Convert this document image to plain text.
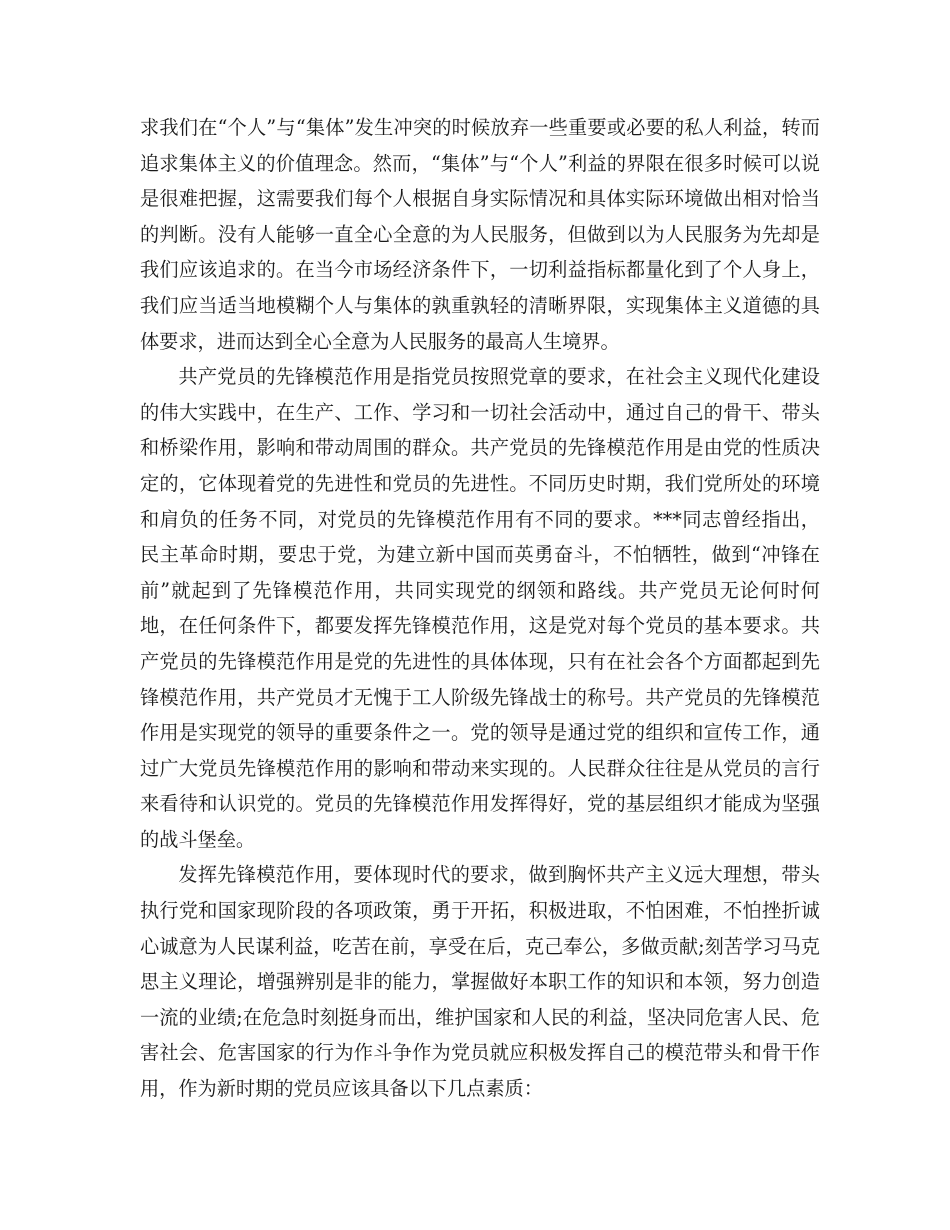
求我们在“个人”与“集体”发生冲突的时候放弃一些重要或必要的私人利益，转而追求集体主义的价值理念。然而，“集体”与“个人”利益的界限在很多时候可以说是很难把握，这需要我们每个人根据自身实际情况和具体实际环境做出相对恰当的判断。没有人能够一直全心全意的为人民服务，但做到以为人民服务为先却是我们应该追求的。在当今市场经济条件下，一切利益指标都量化到了个人身上，我们应当适当地模糊个人与集体的孰重孰轻的清晰界限，实现集体主义道德的具体要求，进而达到全心全意为人民服务的最高人生境界。

共产党员的先锋模范作用是指党员按照党章的要求，在社会主义现代化建设的伟大实践中，在生产、工作、学习和一切社会活动中，通过自己的骨干、带头和桥梁作用，影响和带动周围的群众。共产党员的先锋模范作用是由党的性质决定的，它体现着党的先进性和党员的先进性。不同历史时期，我们党所处的环境和肩负的任务不同，对党员的先锋模范作用有不同的要求。***同志曾经指出，民主革命时期，要忠于党，为建立新中国而英勇奋斗，不怕牺牲，做到“冲锋在前”就起到了先锋模范作用，共同实现党的纲领和路线。共产党员无论何时何地，在任何条件下，都要发挥先锋模范作用，这是党对每个党员的基本要求。共产党员的先锋模范作用是党的先进性的具体体现，只有在社会各个方面都起到先锋模范作用，共产党员才无愧于工人阶级先锋战士的称号。共产党员的先锋模范作用是实现党的领导的重要条件之一。党的领导是通过党的组织和宣传工作，通过广大党员先锋模范作用的影响和带动来实现的。人民群众往往是从党员的言行来看待和认识党的。党员的先锋模范作用发挥得好，党的基层组织才能成为坚强的战斗堡垒。

发挥先锋模范作用，要体现时代的要求，做到胸怀共产主义远大理想，带头执行党和国家现阶段的各项政策，勇于开拓，积极进取，不怕困难，不怕挫折诚心诚意为人民谋利益，吃苦在前，享受在后，克己奉公，多做贡献;刻苦学习马克思主义理论，增强辨别是非的能力，掌握做好本职工作的知识和本领，努力创造一流的业绩;在危急时刻挺身而出，维护国家和人民的利益，坚决同危害人民、危害社会、危害国家的行为作斗争作为党员就应积极发挥自己的模范带头和骨干作用，作为新时期的党员应该具备以下几点素质：
